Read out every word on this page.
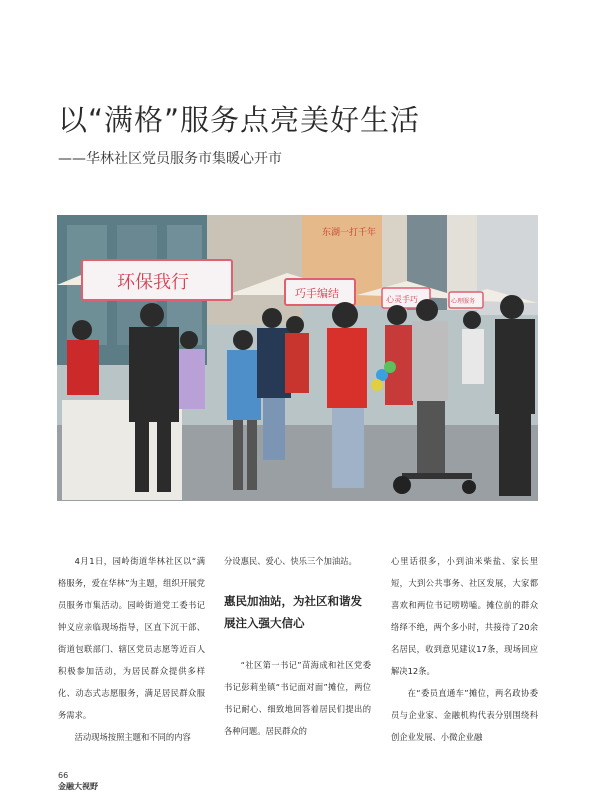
以“满格”服务点亮美好生活
——华林社区党员服务市集暖心开市
东湖一打千年
环保我行
巧手编结	心灵手巧	心理服务

4月1日，园岭街道华林社区以“满格服务，爱在华林”为主题，组织开展党员服务市集活动。园岭街道党工委书记钟义应亲临现场指导，区直下沉干部、街道包联部门、辖区党员志愿等近百人积极参加活动，为居民群众提供多样化、动态式志愿服务，满足居民群众服务需求。

活动现场按照主题和不同的内容

分设惠民、爱心、快乐三个加油站。

惠民加油站，为社区和谐发展注入强大信心

“社区第一书记”苗海成和社区党委书记彭莉坐镇“书记面对面”摊位，两位书记耐心、细致地回答着居民们提出的各种问题。居民群众的

心里话很多，小到油米柴盐、家长里短，大到公共事务、社区发展，大家都喜欢和两位书记唠唠嗑。摊位前的群众络绎不绝，两个多小时，共接待了20余名居民，收到意见建议17条，现场回应解决12条。

在“委员直通车”摊位，两名政协委员与企业家、金融机构代表分别围绕科创企业发展、小微企业融

66
金融大视野
